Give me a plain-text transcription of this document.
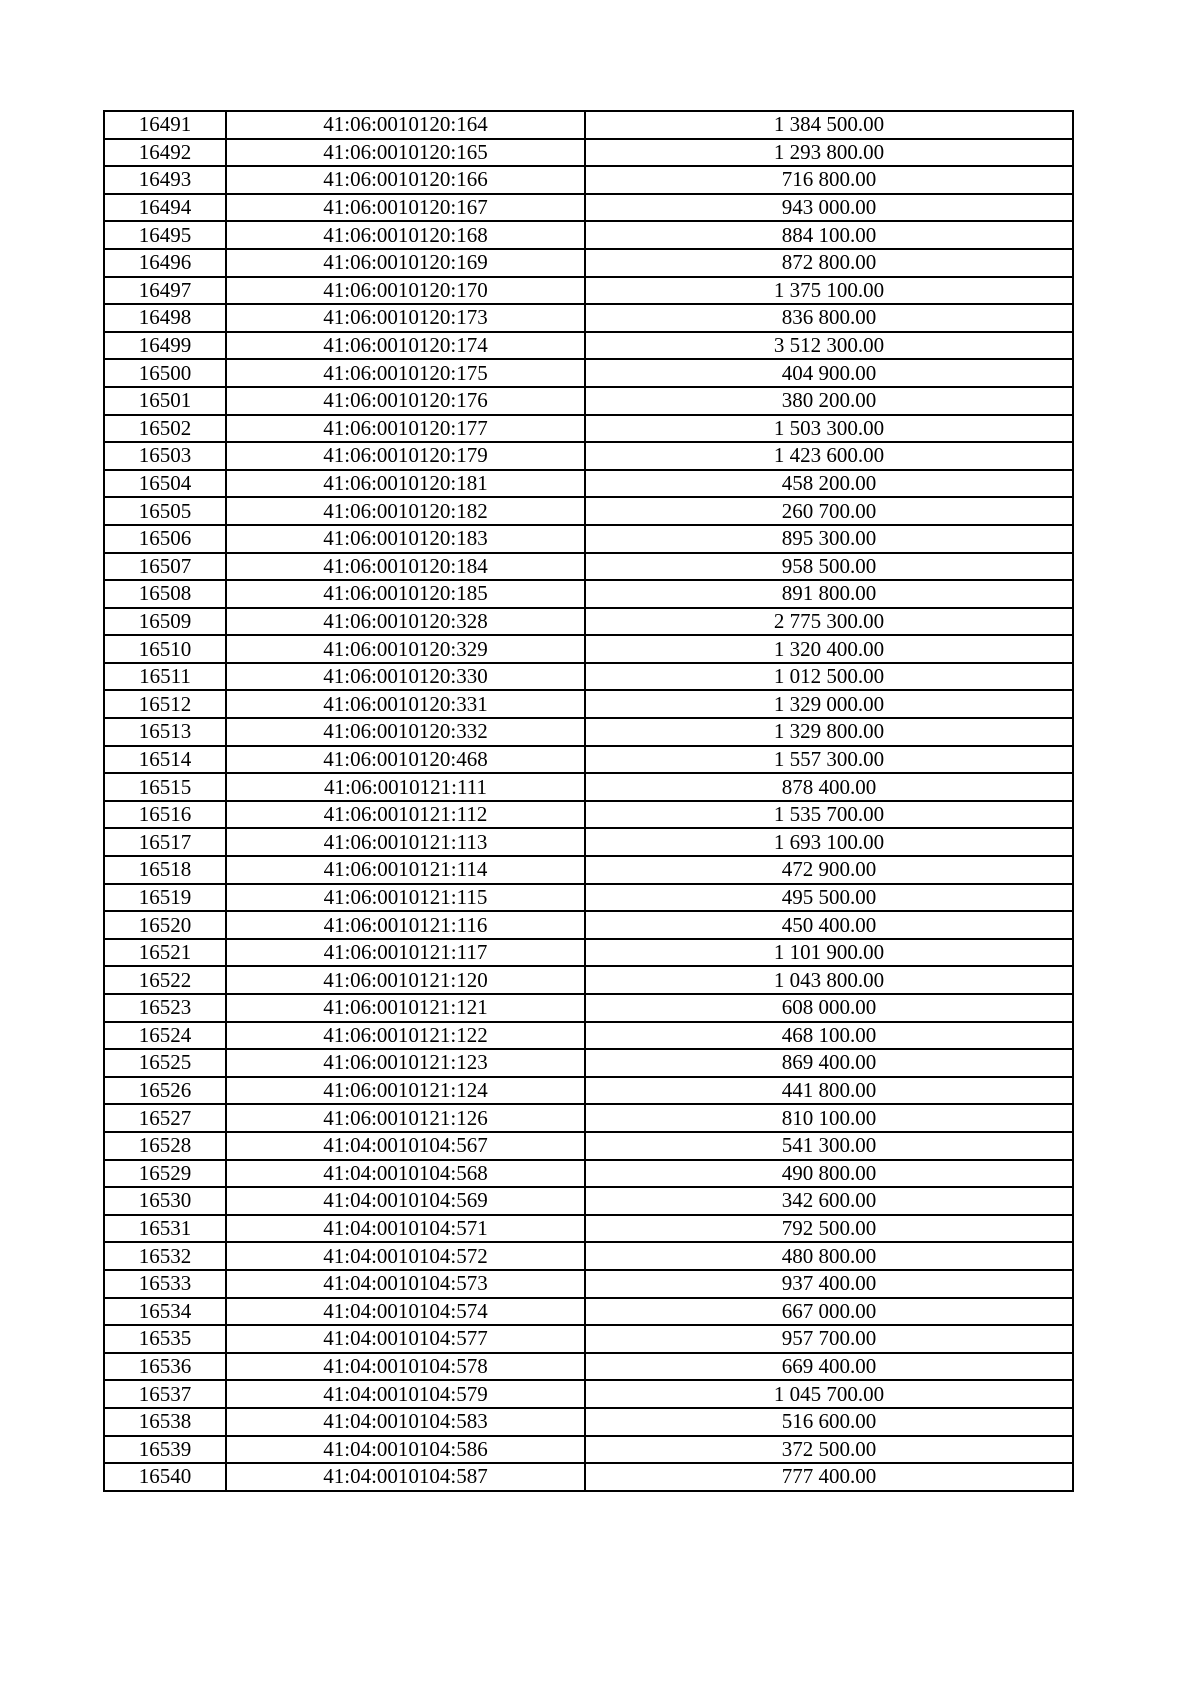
16491	41:06:0010120:164	1 384 500.00
16492	41:06:0010120:165	1 293 800.00
16493	41:06:0010120:166	716 800.00
16494	41:06:0010120:167	943 000.00
16495	41:06:0010120:168	884 100.00
16496	41:06:0010120:169	872 800.00
16497	41:06:0010120:170	1 375 100.00
16498	41:06:0010120:173	836 800.00
16499	41:06:0010120:174	3 512 300.00
16500	41:06:0010120:175	404 900.00
16501	41:06:0010120:176	380 200.00
16502	41:06:0010120:177	1 503 300.00
16503	41:06:0010120:179	1 423 600.00
16504	41:06:0010120:181	458 200.00
16505	41:06:0010120:182	260 700.00
16506	41:06:0010120:183	895 300.00
16507	41:06:0010120:184	958 500.00
16508	41:06:0010120:185	891 800.00
16509	41:06:0010120:328	2 775 300.00
16510	41:06:0010120:329	1 320 400.00
16511	41:06:0010120:330	1 012 500.00
16512	41:06:0010120:331	1 329 000.00
16513	41:06:0010120:332	1 329 800.00
16514	41:06:0010120:468	1 557 300.00
16515	41:06:0010121:111	878 400.00
16516	41:06:0010121:112	1 535 700.00
16517	41:06:0010121:113	1 693 100.00
16518	41:06:0010121:114	472 900.00
16519	41:06:0010121:115	495 500.00
16520	41:06:0010121:116	450 400.00
16521	41:06:0010121:117	1 101 900.00
16522	41:06:0010121:120	1 043 800.00
16523	41:06:0010121:121	608 000.00
16524	41:06:0010121:122	468 100.00
16525	41:06:0010121:123	869 400.00
16526	41:06:0010121:124	441 800.00
16527	41:06:0010121:126	810 100.00
16528	41:04:0010104:567	541 300.00
16529	41:04:0010104:568	490 800.00
16530	41:04:0010104:569	342 600.00
16531	41:04:0010104:571	792 500.00
16532	41:04:0010104:572	480 800.00
16533	41:04:0010104:573	937 400.00
16534	41:04:0010104:574	667 000.00
16535	41:04:0010104:577	957 700.00
16536	41:04:0010104:578	669 400.00
16537	41:04:0010104:579	1 045 700.00
16538	41:04:0010104:583	516 600.00
16539	41:04:0010104:586	372 500.00
16540	41:04:0010104:587	777 400.00
